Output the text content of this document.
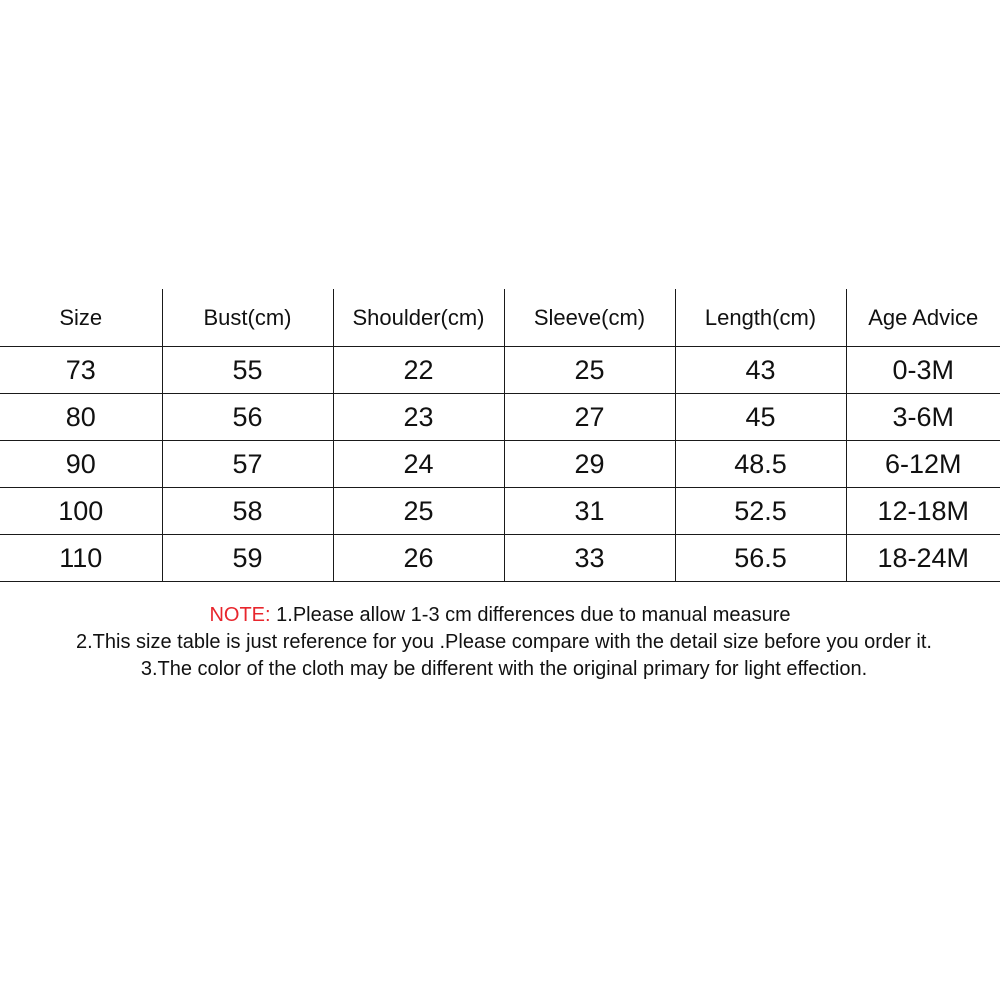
Size	Bust(cm)	Shoulder(cm)	Sleeve(cm)	Length(cm)	Age Advice
73	55	22	25	43	0-3M
80	56	23	27	45	3-6M
90	57	24	29	48.5	6-12M
100	58	25	31	52.5	12-18M
110	59	26	33	56.5	18-24M
NOTE: 1.Please allow 1-3 cm differences due to manual measure
2.This size table is just reference for you .Please compare with the detail size before you order it.
3.The color of the cloth may be different with the original primary for light effection.
